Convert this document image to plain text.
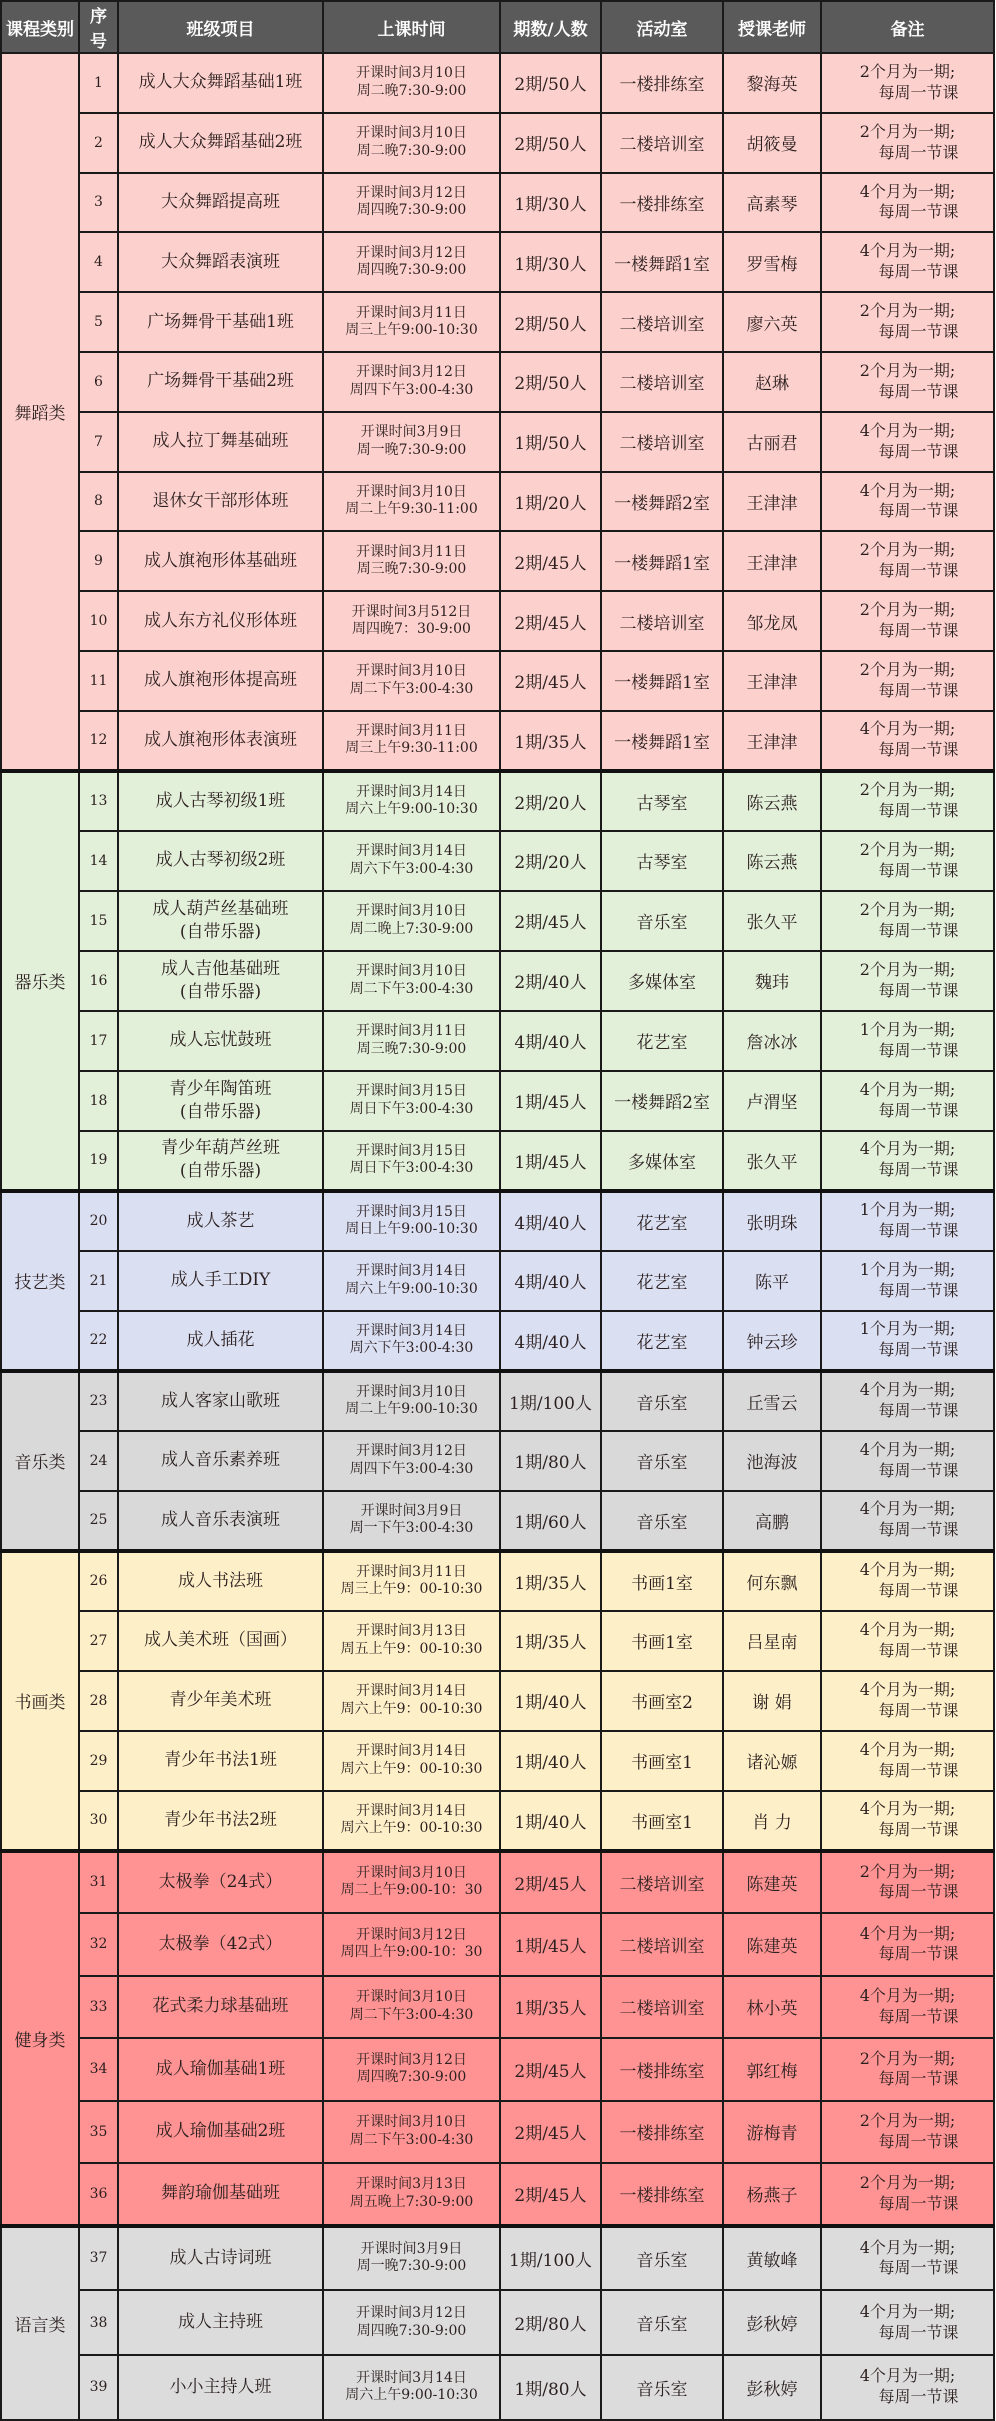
课程类别	序号	班级项目	上课时间	期数/人数	活动室	授课老师	备注
舞蹈类	1	成人大众舞蹈基础1班	开课时间3月10日
周二晚7:30-9:00	2期/50人	一楼排练室	黎海英	2个月为一期;
每周一节课

	2	成人大众舞蹈基础2班	开课时间3月10日
周二晚7:30-9:00	2期/50人	二楼培训室	胡筱曼	2个月为一期;
每周一节课

	3	大众舞蹈提高班	开课时间3月12日
周四晚7:30-9:00	1期/30人	一楼排练室	高素琴	4个月为一期;
每周一节课

	4	大众舞蹈表演班	开课时间3月12日
周四晚7:30-9:00	1期/30人	一楼舞蹈1室	罗雪梅	4个月为一期;
每周一节课

	5	广场舞骨干基础1班	开课时间3月11日
周三上午9:00-10:30	2期/50人	二楼培训室	廖六英	2个月为一期;
每周一节课

	6	广场舞骨干基础2班	开课时间3月12日
周四下午3:00-4:30	2期/50人	二楼培训室	赵琳	2个月为一期;
每周一节课

	7	成人拉丁舞基础班	开课时间3月9日
周一晚7:30-9:00	1期/50人	二楼培训室	古丽君	4个月为一期;
每周一节课

	8	退休女干部形体班	开课时间3月10日
周二上午9:30-11:00	1期/20人	一楼舞蹈2室	王津津	4个月为一期;
每周一节课

	9	成人旗袍形体基础班	开课时间3月11日
周三晚7:30-9:00	2期/45人	一楼舞蹈1室	王津津	2个月为一期;
每周一节课

	10	成人东方礼仪形体班	开课时间3月512日
周四晚7：30-9:00	2期/45人	二楼培训室	邹龙凤	2个月为一期;
每周一节课

	11	成人旗袍形体提高班	开课时间3月10日
周二下午3:00-4:30	2期/45人	一楼舞蹈1室	王津津	2个月为一期;
每周一节课

	12	成人旗袍形体表演班	开课时间3月11日
周三上午9:30-11:00	1期/35人	一楼舞蹈1室	王津津	4个月为一期;
每周一节课

器乐类	13	成人古琴初级1班	开课时间3月14日
周六上午9:00-10:30	2期/20人	古琴室	陈云燕	2个月为一期;
每周一节课

	14	成人古琴初级2班	开课时间3月14日
周六下午3:00-4:30	2期/20人	古琴室	陈云燕	2个月为一期;
每周一节课

	15	成人葫芦丝基础班
(自带乐器)	开课时间3月10日
周二晚上7:30-9:00	2期/45人	音乐室	张久平	2个月为一期;
每周一节课

	16	成人吉他基础班
(自带乐器)	开课时间3月10日
周二下午3:00-4:30	2期/40人	多媒体室	魏玮	2个月为一期;
每周一节课

	17	成人忘忧鼓班	开课时间3月11日
周三晚7:30-9:00	4期/40人	花艺室	詹冰冰	1个月为一期;
每周一节课

	18	青少年陶笛班
(自带乐器)	开课时间3月15日
周日下午3:00-4:30	1期/45人	一楼舞蹈2室	卢渭坚	4个月为一期;
每周一节课

	19	青少年葫芦丝班
(自带乐器)	开课时间3月15日
周日下午3:00-4:30	1期/45人	多媒体室	张久平	4个月为一期;
每周一节课

技艺类	20	成人茶艺	开课时间3月15日
周日上午9:00-10:30	4期/40人	花艺室	张明珠	1个月为一期;
每周一节课

	21	成人手工DIY	开课时间3月14日
周六上午9:00-10:30	4期/40人	花艺室	陈平	1个月为一期;
每周一节课

	22	成人插花	开课时间3月14日
周六下午3:00-4:30	4期/40人	花艺室	钟云珍	1个月为一期;
每周一节课

音乐类	23	成人客家山歌班	开课时间3月10日
周二上午9:00-10:30	1期/100人	音乐室	丘雪云	4个月为一期;
每周一节课

	24	成人音乐素养班	开课时间3月12日
周四下午3:00-4:30	1期/80人	音乐室	池海波	4个月为一期;
每周一节课

	25	成人音乐表演班	开课时间3月9日
周一下午3:00-4:30	1期/60人	音乐室	高鹏	4个月为一期;
每周一节课

书画类	26	成人书法班	开课时间3月11日
周三上午9：00-10:30	1期/35人	书画1室	何东飘	4个月为一期;
每周一节课

	27	成人美术班（国画）	开课时间3月13日
周五上午9：00-10:30	1期/35人	书画1室	吕星南	4个月为一期;
每周一节课

	28	青少年美术班	开课时间3月14日
周六上午9：00-10:30	1期/40人	书画室2	谢 娟	4个月为一期;
每周一节课

	29	青少年书法1班	开课时间3月14日
周六上午9：00-10:30	1期/40人	书画室1	诸沁嫄	4个月为一期;
每周一节课

	30	青少年书法2班	开课时间3月14日
周六上午9：00-10:30	1期/40人	书画室1	肖 力	4个月为一期;
每周一节课

健身类	31	太极拳（24式）	开课时间3月10日
周二上午9:00-10：30	2期/45人	二楼培训室	陈建英	2个月为一期;
每周一节课

	32	太极拳（42式）	开课时间3月12日
周四上午9:00-10：30	1期/45人	二楼培训室	陈建英	4个月为一期;
每周一节课

	33	花式柔力球基础班	开课时间3月10日
周二下午3:00-4:30	1期/35人	二楼培训室	林小英	4个月为一期;
每周一节课

	34	成人瑜伽基础1班	开课时间3月12日
周四晚7:30-9:00	2期/45人	一楼排练室	郭红梅	2个月为一期;
每周一节课

	35	成人瑜伽基础2班	开课时间3月10日
周二下午3:00-4:30	2期/45人	一楼排练室	游梅青	2个月为一期;
每周一节课

	36	舞韵瑜伽基础班	开课时间3月13日
周五晚上7:30-9:00	2期/45人	一楼排练室	杨燕子	2个月为一期;
每周一节课

语言类	37	成人古诗词班	开课时间3月9日
周一晚7:30-9:00	1期/100人	音乐室	黄敏峰	4个月为一期;
每周一节课

	38	成人主持班	开课时间3月12日
周四晚7:30-9:00	2期/80人	音乐室	彭秋婷	4个月为一期;
每周一节课

	39	小小主持人班	开课时间3月14日
周六上午9:00-10:30	1期/80人	音乐室	彭秋婷	4个月为一期;
每周一节课
